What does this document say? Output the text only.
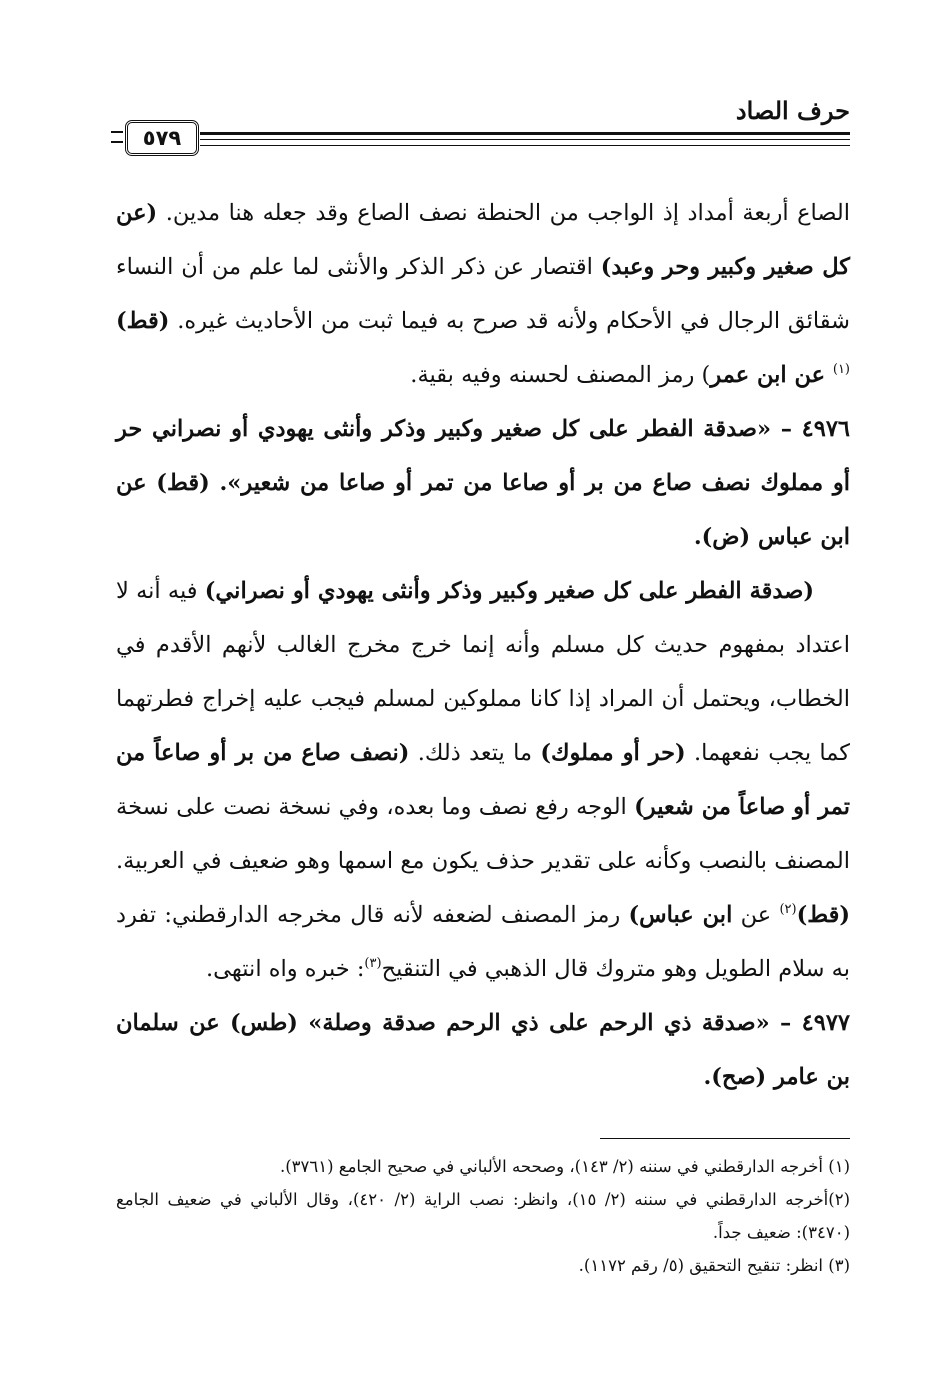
حرف الصاد
٥٧٩

الصاع أربعة أمداد إذ الواجب من الحنطة نصف الصاع وقد جعله هنا مدين. (عن كل صغير وكبير وحر وعبد) اقتصار عن ذكر الذكر والأنثى لما علم من أن النساء شقائق الرجال في الأحكام ولأنه قد صرح به فيما ثبت من الأحاديث غيره. (قط)$^{(١)}$ عن ابن عمر) رمز المصنف لحسنه وفيه بقية.

٤٩٧٦ – «صدقة الفطر على كل صغير وكبير وذكر وأنثى يهودي أو نصراني حر أو مملوك نصف صاع من بر أو صاعا من تمر أو صاعا من شعير». (قط) عن ابن عباس (ض).

(صدقة الفطر على كل صغير وكبير وذكر وأنثى يهودي أو نصراني) فيه أنه لا اعتداد بمفهوم حديث كل مسلم وأنه إنما خرج مخرج الغالب لأنهم الأقدم في الخطاب، ويحتمل أن المراد إذا كانا مملوكين لمسلم فيجب عليه إخراج فطرتهما كما يجب نفعهما. (حر أو مملوك) ما يتعد ذلك. (نصف صاع من بر أو صاعاً من تمر أو صاعاً من شعير) الوجه رفع نصف وما بعده، وفي نسخة نصت على نسخة المصنف بالنصب وكأنه على تقدير حذف يكون مع اسمها وهو ضعيف في العربية. (قط)$^{(٢)}$ عن ابن عباس) رمز المصنف لضعفه لأنه قال مخرجه الدارقطني: تفرد به سلام الطويل وهو متروك قال الذهبي في التنقيح$^{(٣)}$: خبره واه انتهى.

٤٩٧٧ – «صدقة ذي الرحم على ذي الرحم صدقة وصلة» (طس) عن سلمان بن عامر (صح).

(١) أخرجه الدارقطني في سننه (٢/ ١٤٣)، وصححه الألباني في صحيح الجامع (٣٧٦١).

(٢)أخرجه الدارقطني في سننه (٢/ ١٥)، وانظر: نصب الراية (٢/ ٤٢٠)، وقال الألباني في ضعيف الجامع (٣٤٧٠): ضعيف جداً.

(٣) انظر: تنقيح التحقيق (٥/ رقم ١١٧٢).
